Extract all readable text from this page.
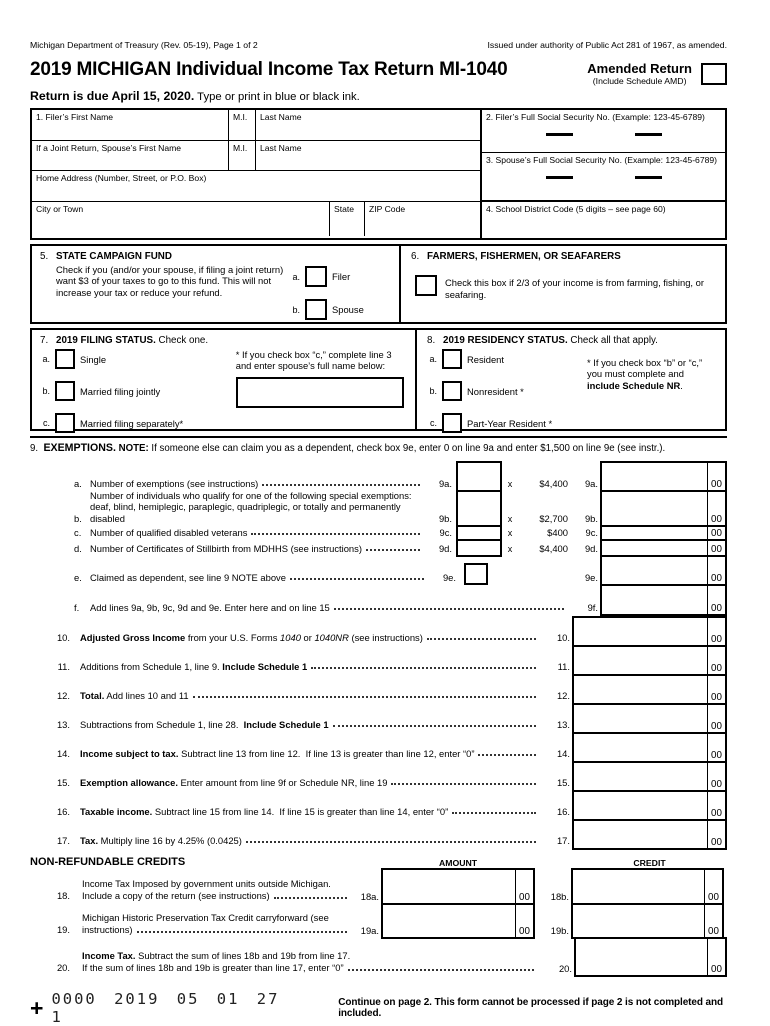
Michigan Department of Treasury (Rev. 05-19), Page 1 of 2	Issued under authority of Public Act 281 of 1967, as amended.
2019 MICHIGAN Individual Income Tax Return MI-1040	Amended Return
(Include Schedule AMD)
Return is due April 15, 2020. Type or print in blue or black ink.
1. Filer’s First Name	M.I.	Last Name
If a Joint Return, Spouse’s First Name	M.I.	Last Name
Home Address (Number, Street, or P.O. Box)
City or Town	State	ZIP Code
2. Filer’s Full Social Security No. (Example: 123-45-6789)
3. Spouse’s Full Social Security No. (Example: 123-45-6789)
4. School District Code (5 digits – see page 60)
5. STATE CAMPAIGN FUND
Check if you (and/or your spouse, if filing a joint return) want $3 of your taxes to go to this fund. This will not increase your tax or reduce your refund.
a.	Filer
b.	Spouse
6. FARMERS, FISHERMEN, OR SEAFARERS
Check this box if 2/3 of your income is from farming, fishing, or seafaring.
7. 2019 FILING STATUS. Check one.
a.	Single
b.	Married filing jointly
c.	Married filing separately*
* If you check box “c,” complete line 3 and enter spouse’s full name below:
8. 2019 RESIDENCY STATUS. Check all that apply.
a.	Resident
b.	Nonresident *
c.	Part-Year Resident *
* If you check box “b” or “c,” you must complete and include Schedule NR.
9. EXEMPTIONS. NOTE: If someone else can claim you as a dependent, check box 9e, enter 0 on line 9a and enter $1,500 on line 9e (see instr.).
a. Number of exemptions (see instructions)	9a.	x	$4,400	9a.	00
b.
Number of individuals who qualify for one of the following special exemptions: deaf, blind, hemiplegic, paraplegic, quadriplegic, or totally and permanently disabled	9b.	x	$2,700	9b.	00
c. Number of qualified disabled veterans	9c.	x	$400	9c.	00
d. Number of Certificates of Stillbirth from MDHHS (see instructions)	9d.	x	$4,400	9d.	00
e. Claimed as dependent, see line 9 NOTE above	9e.	9e.	00
f.	Add lines 9a, 9b, 9c, 9d and 9e. Enter here and on line 15	9f.	00
10. Adjusted Gross Income from your U.S. Forms 1040 or 1040NR (see instructions)	10.	00
11. Additions from Schedule 1, line 9. Include Schedule 1	11.	00
12. Total. Add lines 10 and 11	12.	00
13. Subtractions from Schedule 1, line 28.  Include Schedule 1	13.	00
14. Income subject to tax. Subtract line 13 from line 12.  If line 13 is greater than line 12, enter “0”	14.	00
15. Exemption allowance. Enter amount from line 9f or Schedule NR, line 19	15.	00
16. Taxable income. Subtract line 15 from line 14.  If line 15 is greater than line 14, enter “0”	16.	00
17. Tax. Multiply line 16 by 4.25% (0.0425)	17.	00
NON-REFUNDABLE CREDITS	AMOUNT	CREDIT
18.
Income Tax Imposed by government units outside Michigan.
Include a copy of the return (see instructions)	18a.	00	18b.	00
19.
Michigan Historic Preservation Tax Credit carryforward (see
instructions)	19a.	00	19b.	00
20.
Income Tax. Subtract the sum of lines 18b and 19b from line 17.
If the sum of lines 18b and 19b is greater than line 17, enter “0”	20.	00
+ 0000 2019 05 01 27 1
Continue on page 2. This form cannot be processed if page 2 is not completed and included.
